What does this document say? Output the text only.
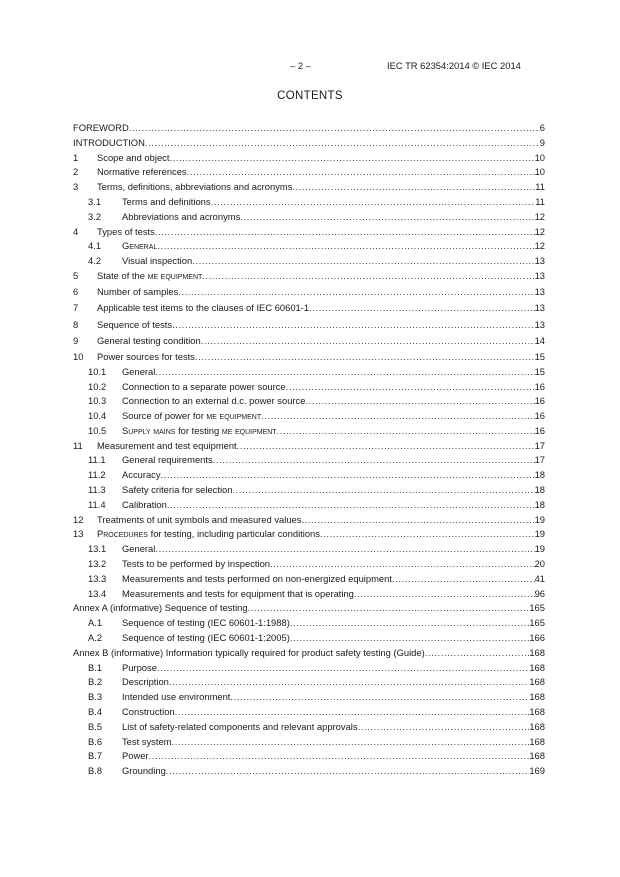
– 2 –	IEC TR 62354:2014 © IEC 2014
CONTENTS
FOREWORD .....	6
INTRODUCTION .....	9
1	Scope and object .....	10
2	Normative references .....	10
3	Terms, definitions, abbreviations and acronyms .....	11
3.1	Terms and definitions .....	11
3.2	Abbreviations and acronyms .....	12
4	Types of tests .....	12
4.1	General .....	12
4.2	Visual inspection .....	13
5	State of the me equipment .....	13
6	Number of samples .....	13
7	Applicable test items to the clauses of IEC 60601-1 .....	13
8	Sequence of tests .....	13
9	General testing condition .....	14
10	Power sources for tests .....	15
10.1	General .....	15
10.2	Connection to a separate power source .....	16
10.3	Connection to an external d.c. power source .....	16
10.4	Source of power for me equipment .....	16
10.5	Supply mains for testing me equipment .....	16
11	Measurement and test equipment .....	17
11.1	General requirements .....	17
11.2	Accuracy .....	18
11.3	Safety criteria for selection .....	18
11.4	Calibration .....	18
12	Treatments of unit symbols and measured values .....	19
13	Procedures for testing, including particular conditions .....	19
13.1	General .....	19
13.2	Tests to be performed by inspection .....	20
13.3	Measurements and tests performed on non-energized equipment .....	41
13.4	Measurements and tests for equipment that is operating .....	96
Annex A (informative) Sequence of testing .....	165
A.1	Sequence of testing (IEC 60601-1:1988) .....	165
A.2	Sequence of testing (IEC 60601-1:2005) .....	166
Annex B (informative) Information typically required for product safety testing (Guide) .....	168
B.1	Purpose .....	168
B.2	Description .....	168
B.3	Intended use environment .....	168
B.4	Construction .....	168
B.5	List of safety-related components and relevant approvals .....	168
B.6	Test system .....	168
B.7	Power .....	168
B.8	Grounding .....	169
